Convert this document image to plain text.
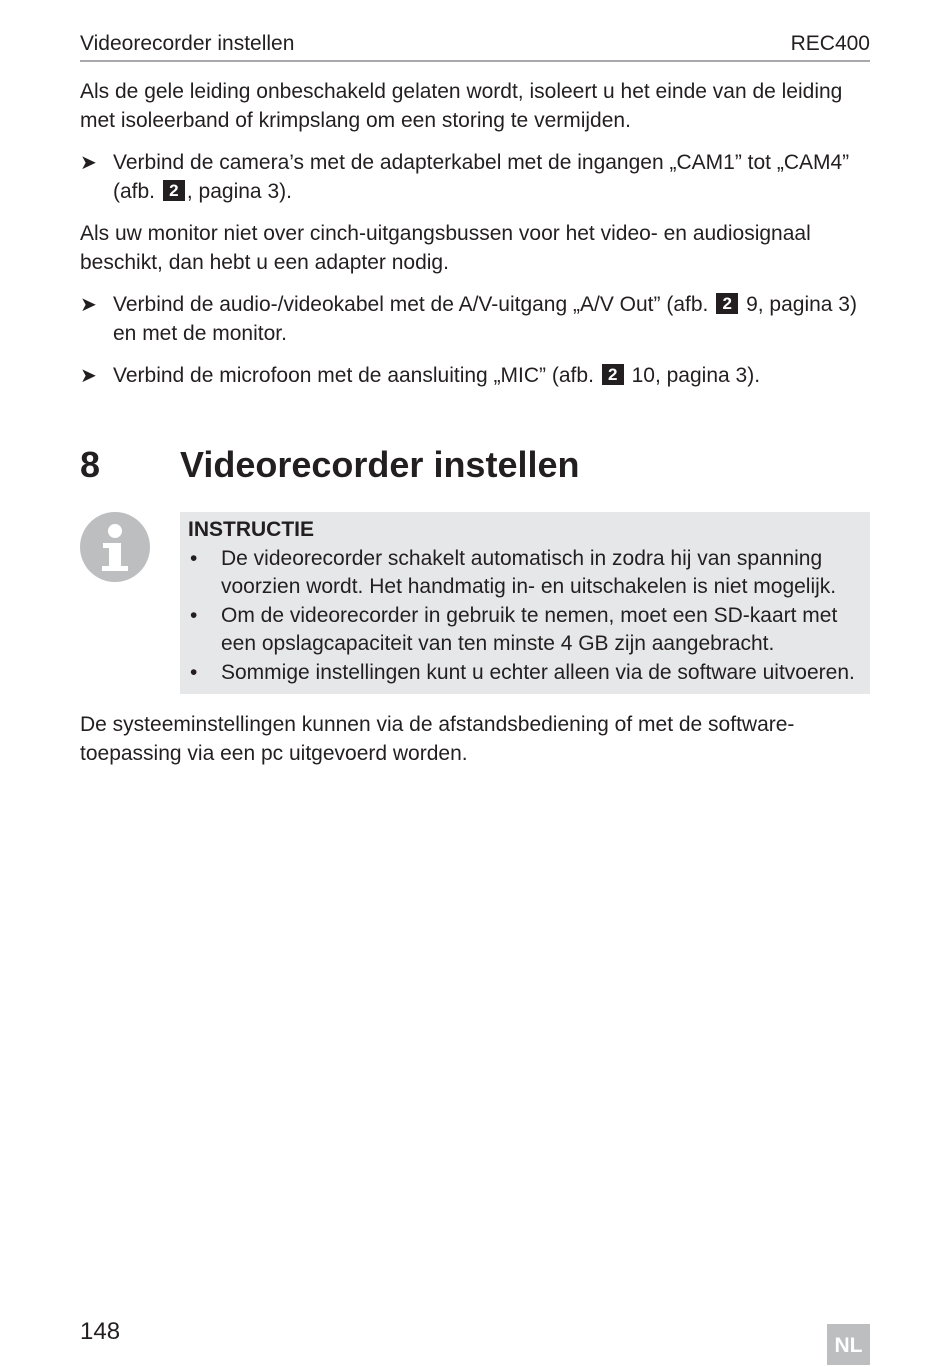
Videorecorder instellen	REC400

Als de gele leiding onbeschakeld gelaten wordt, isoleert u het einde van de leiding met isoleerband of krimpslang om een storing te vermijden.

➤ Verbind de camera’s met de adapterkabel met de ingangen „CAM1” tot „CAM4” (afb. 2 , pagina 3).

Als uw monitor niet over cinch-uitgangsbussen voor het video- en audiosignaal beschikt, dan hebt u een adapter nodig.

➤ Verbind de audio-/videokabel met de A/V-uitgang „A/V Out” (afb. 2 9, pagina 3) en met de monitor.
➤ Verbind de microfoon met de aansluiting „MIC” (afb. 2 10, pagina 3).
8 Videorecorder instellen
INSTRUCTIE
• De videorecorder schakelt automatisch in zodra hij van spanning voorzien wordt. Het handmatig in- en uitschakelen is niet mogelijk.
• Om de videorecorder in gebruik te nemen, moet een SD-kaart met een opslagcapaciteit van ten minste 4 GB zijn aangebracht.
• Sommige instellingen kunt u echter alleen via de software uitvoeren.
De systeeminstellingen kunnen via de afstandsbediening of met de software-toepassing via een pc uitgevoerd worden.
148
NL
